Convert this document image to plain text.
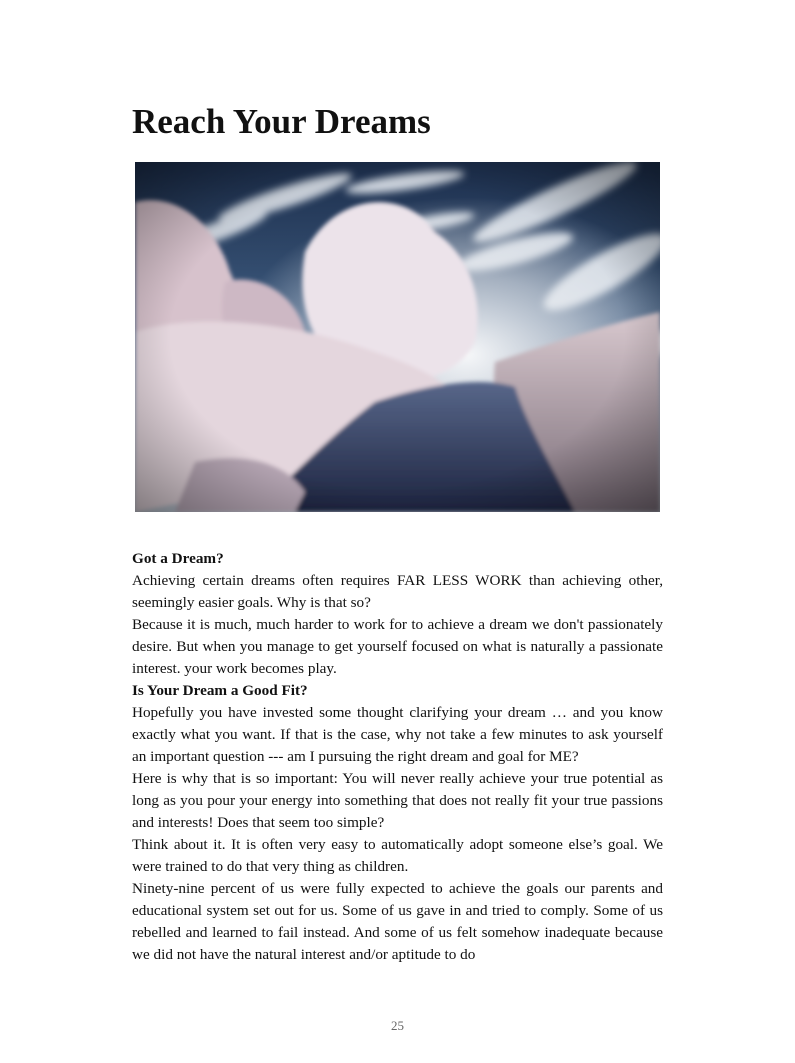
Reach Your Dreams

Got a Dream?

Achieving certain dreams often requires FAR LESS WORK than achieving other, seemingly easier goals. Why is that so?

Because it is much, much harder to work for to achieve a dream we don't passionately desire. But when you manage to get yourself focused on what is naturally a passionate interest. your work becomes play.

Is Your Dream a Good Fit?

Hopefully you have invested some thought clarifying your dream … and you know exactly what you want. If that is the case, why not take a few minutes to ask yourself an important question --- am I pursuing the right dream and goal for ME?

Here is why that is so important: You will never really achieve your true potential as long as you pour your energy into something that does not really fit your true passions and interests! Does that seem too simple?

Think about it. It is often very easy to automatically adopt someone else’s goal. We were trained to do that very thing as children.

Ninety-nine percent of us were fully expected to achieve the goals our parents and educational system set out for us. Some of us gave in and tried to comply. Some of us rebelled and learned to fail instead. And some of us felt somehow inadequate because we did not have the natural interest and/or aptitude to do

25
